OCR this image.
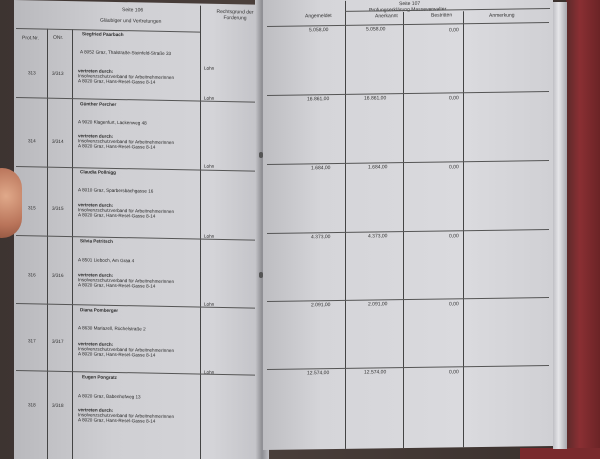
Seite 106
Prot.Nr.	ONr.
Gläubiger und Vertretungen
Rechtsgrund der Forderung
313	3/313
Siegfried Paarbach
A 8052 Graz, Thalstraße-Steinfeld-Straße 33
vertreten durch:
Insolvenzschutzverband für ArbeitnehmerInnen
A 8020 Graz, Hans-Resel-Gasse 8-14
Lohn
314	3/314
Günther Percher
A 9020 Klagenfurt, Lackenweg 48
vertreten durch:
Insolvenzschutzverband für ArbeitnehmerInnen
A 8020 Graz, Hans-Resel-Gasse 8-14
Lohn
315	3/315
Claudia Pollnigg
A 8010 Graz, Sparbersbachgasse 16
vertreten durch:
Insolvenzschutzverband für ArbeitnehmerInnen
A 8020 Graz, Hans-Resel-Gasse 8-14
Lohn
316	3/316
Silvia Petritsch
A 8501 Lieboch, Am Graa 4
vertreten durch:
Insolvenzschutzverband für ArbeitnehmerInnen
A 8020 Graz, Hans-Resel-Gasse 8-14
Lohn
317	3/317
Diana Pomberger
A 8630 Mariazell, Rüchelstraße 2
vertreten durch:
Insolvenzschutzverband für ArbeitnehmerInnen
A 8020 Graz, Hans-Resel-Gasse 8-14
Lohn
318	3/318
Eugen Pongratz
A 8020 Graz, Babenhofweg 13
vertreten durch:
Insolvenzschutzverband für ArbeitnehmerInnen
A 8020 Graz, Hans-Resel-Gasse 8-14
Lohn
Seite 107
Prüfungserklärung Masseverwalter
Angemeldet	Anerkannt	Bestritten	Anmerkung
5.058,00	5.058,00	0,00
16.861,00	16.861,00	0,00
1.684,00	1.684,00	0,00
4.373,00	4.373,00	0,00
2.091,00	2.091,00	0,00
12.574,00	12.574,00	0,00
